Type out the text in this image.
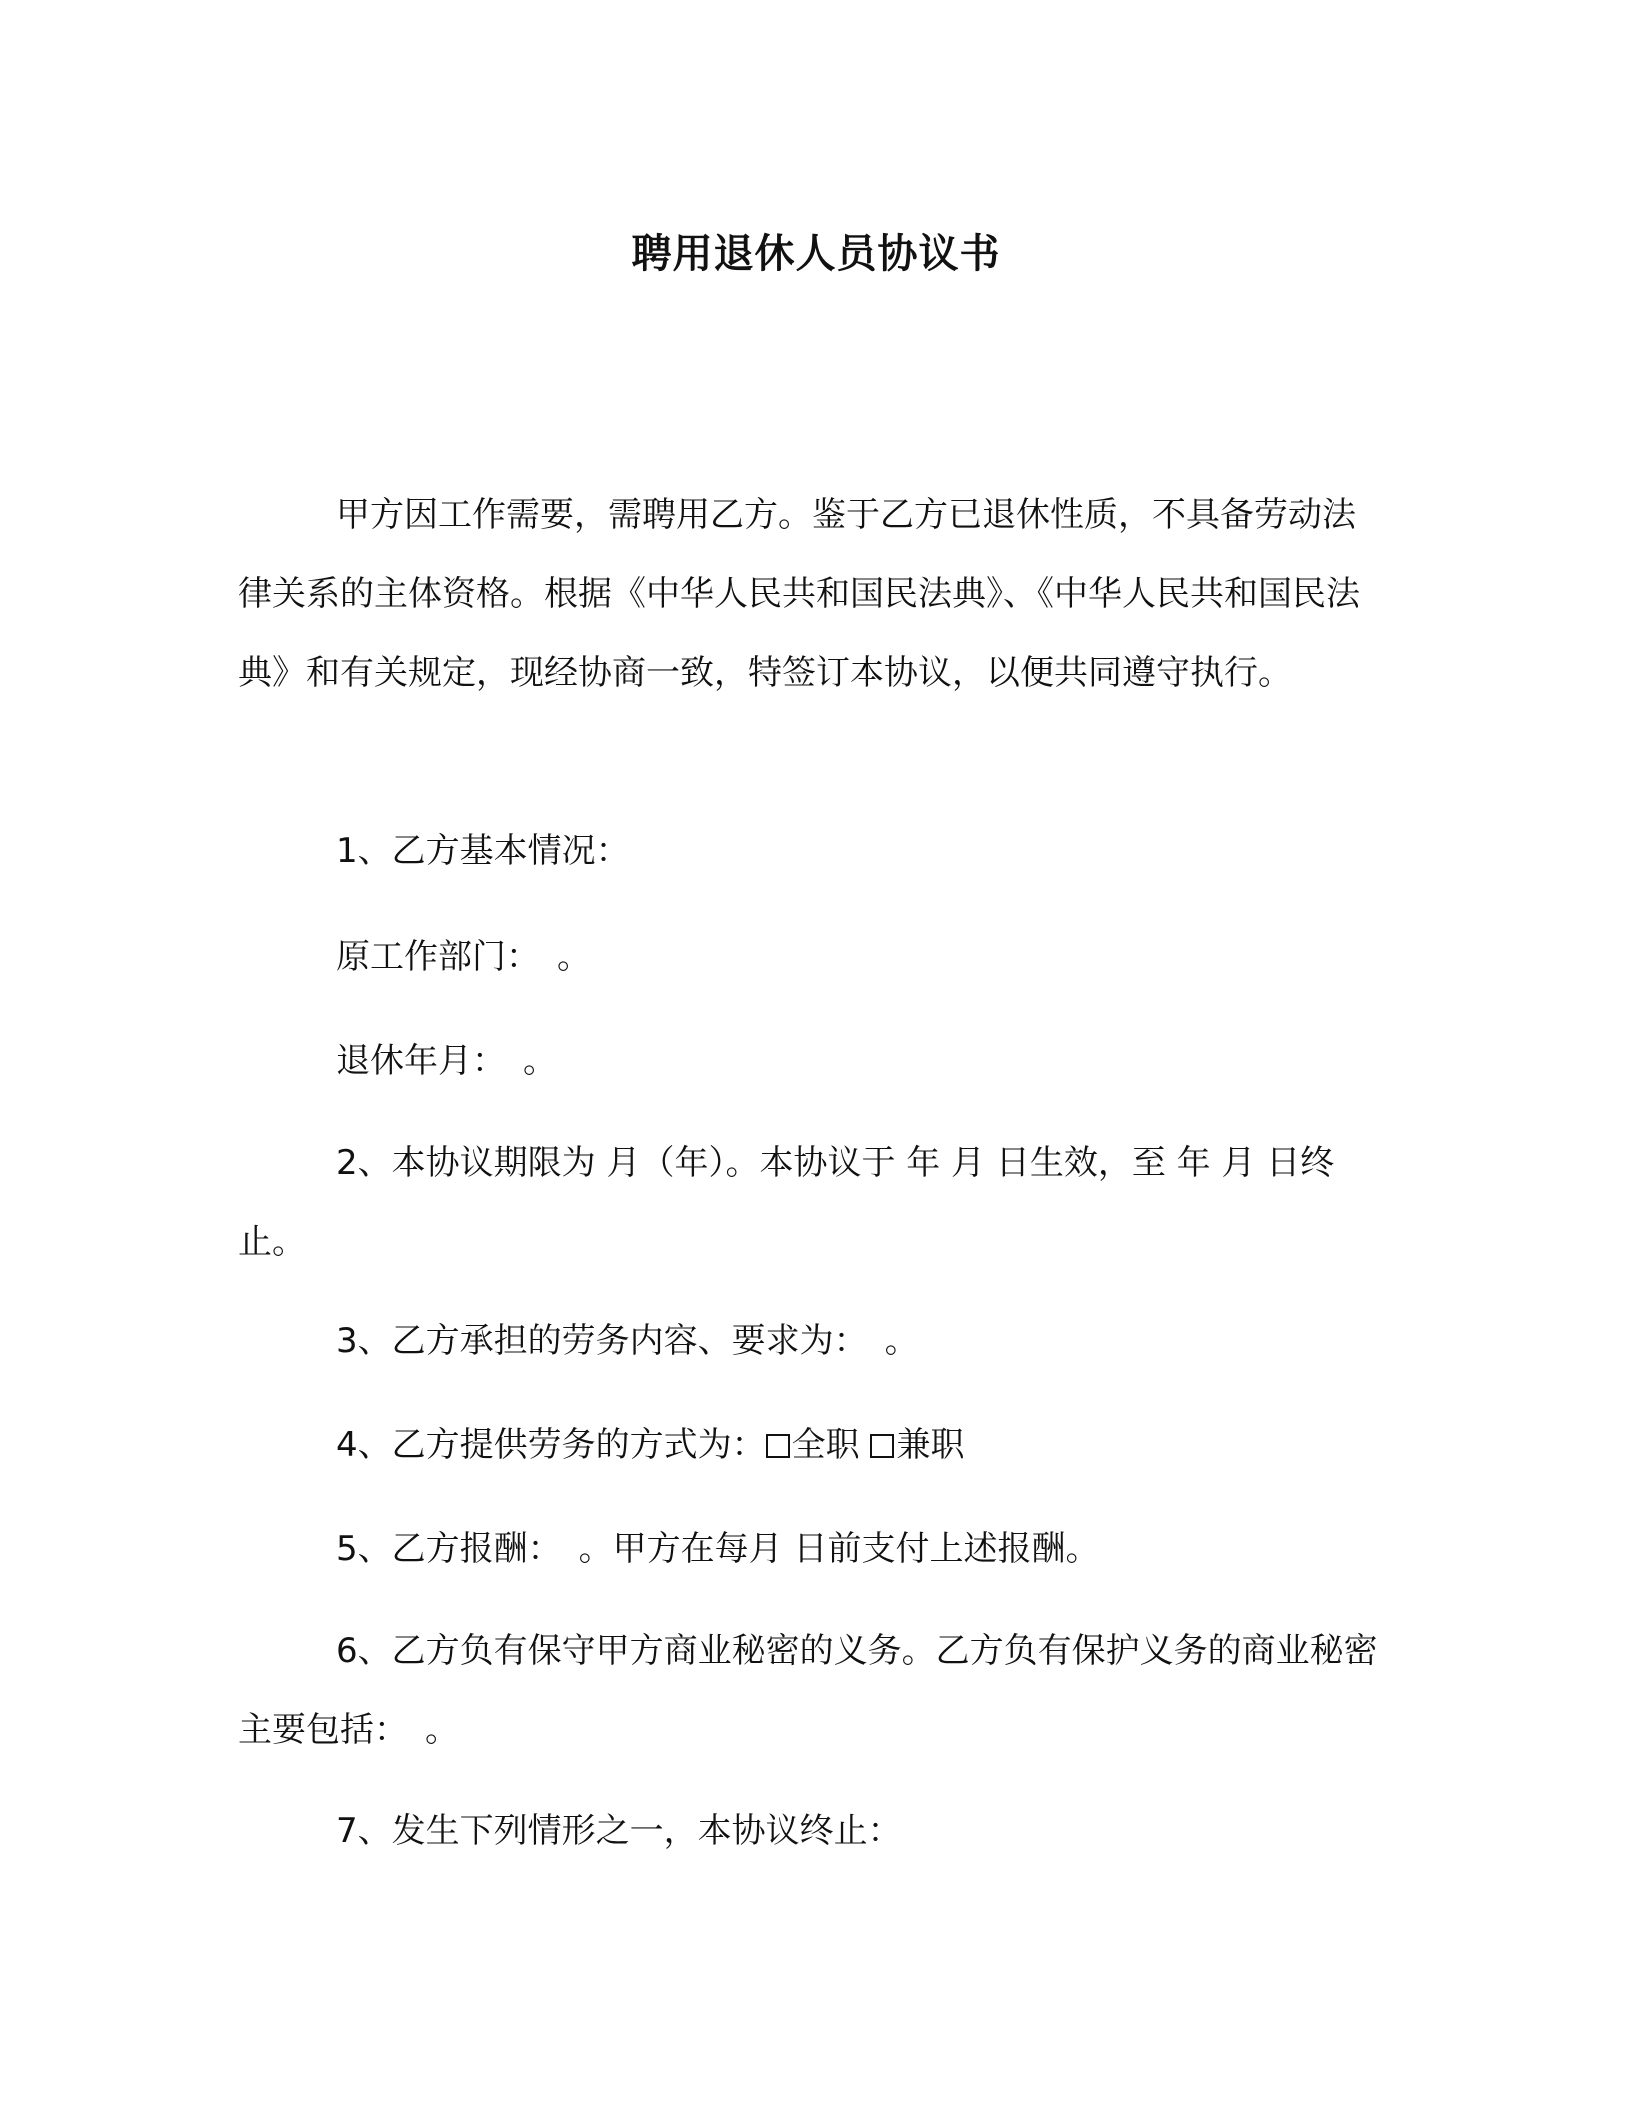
聘用退休人员协议书

甲方因工作需要，需聘用乙方。鉴于乙方已退休性质，不具备劳动法律关系的主体资格。根据《中华人民共和国民法典》、《中华人民共和国民法典》和有关规定，现经协商一致，特签订本协议，以便共同遵守执行。

1、乙方基本情况：

原工作部门：　。

退休年月：　。

2、本协议期限为 月（年）。本协议于 年 月 日生效，至 年 月 日终止。

3、乙方承担的劳务内容、要求为：　。

4、乙方提供劳务的方式为： 全职 兼职

5、乙方报酬：　。甲方在每月 日前支付上述报酬。

6、乙方负有保守甲方商业秘密的义务。乙方负有保护义务的商业秘密主要包括：　。

7、发生下列情形之一，本协议终止：
